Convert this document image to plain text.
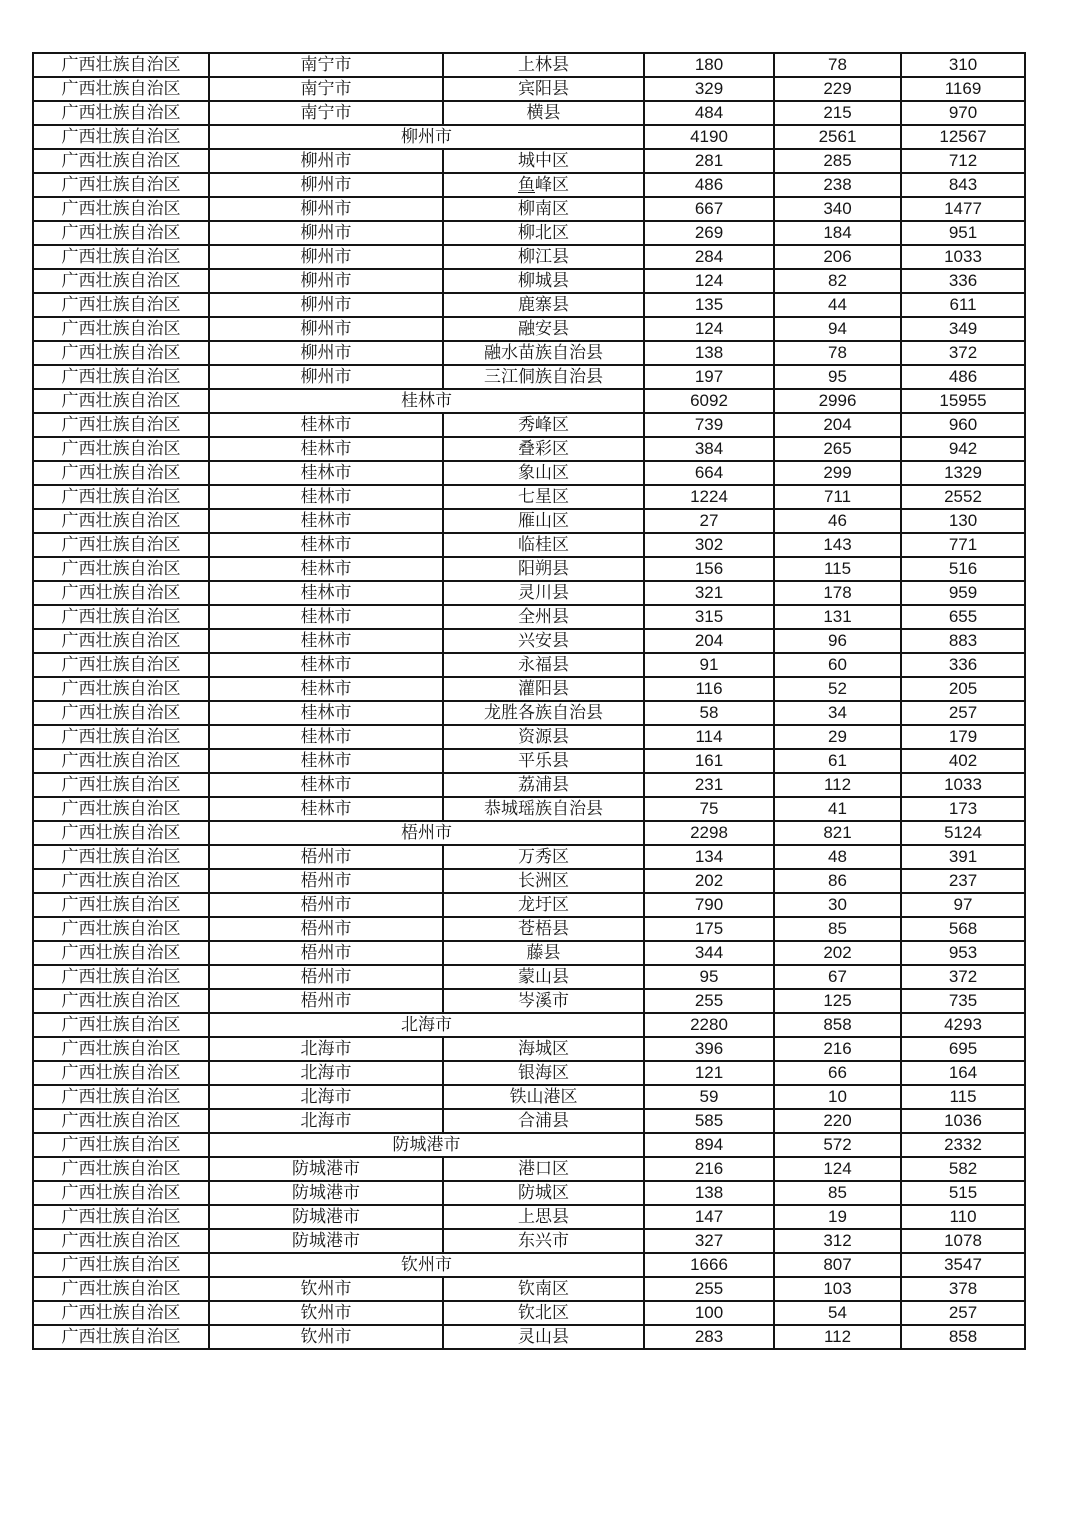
广西壮族自治区	南宁市	上林县	180	78	310
广西壮族自治区	南宁市	宾阳县	329	229	1169
广西壮族自治区	南宁市	横县	484	215	970
广西壮族自治区	柳州市		4190	2561	12567
广西壮族自治区	柳州市	城中区	281	285	712
广西壮族自治区	柳州市	鱼峰区	486	238	843
广西壮族自治区	柳州市	柳南区	667	340	1477
广西壮族自治区	柳州市	柳北区	269	184	951
广西壮族自治区	柳州市	柳江县	284	206	1033
广西壮族自治区	柳州市	柳城县	124	82	336
广西壮族自治区	柳州市	鹿寨县	135	44	611
广西壮族自治区	柳州市	融安县	124	94	349
广西壮族自治区	柳州市	融水苗族自治县	138	78	372
广西壮族自治区	柳州市	三江侗族自治县	197	95	486
广西壮族自治区	桂林市		6092	2996	15955
广西壮族自治区	桂林市	秀峰区	739	204	960
广西壮族自治区	桂林市	叠彩区	384	265	942
广西壮族自治区	桂林市	象山区	664	299	1329
广西壮族自治区	桂林市	七星区	1224	711	2552
广西壮族自治区	桂林市	雁山区	27	46	130
广西壮族自治区	桂林市	临桂区	302	143	771
广西壮族自治区	桂林市	阳朔县	156	115	516
广西壮族自治区	桂林市	灵川县	321	178	959
广西壮族自治区	桂林市	全州县	315	131	655
广西壮族自治区	桂林市	兴安县	204	96	883
广西壮族自治区	桂林市	永福县	91	60	336
广西壮族自治区	桂林市	灌阳县	116	52	205
广西壮族自治区	桂林市	龙胜各族自治县	58	34	257
广西壮族自治区	桂林市	资源县	114	29	179
广西壮族自治区	桂林市	平乐县	161	61	402
广西壮族自治区	桂林市	荔浦县	231	112	1033
广西壮族自治区	桂林市	恭城瑶族自治县	75	41	173
广西壮族自治区	梧州市		2298	821	5124
广西壮族自治区	梧州市	万秀区	134	48	391
广西壮族自治区	梧州市	长洲区	202	86	237
广西壮族自治区	梧州市	龙圩区	790	30	97
广西壮族自治区	梧州市	苍梧县	175	85	568
广西壮族自治区	梧州市	藤县	344	202	953
广西壮族自治区	梧州市	蒙山县	95	67	372
广西壮族自治区	梧州市	岑溪市	255	125	735
广西壮族自治区	北海市		2280	858	4293
广西壮族自治区	北海市	海城区	396	216	695
广西壮族自治区	北海市	银海区	121	66	164
广西壮族自治区	北海市	铁山港区	59	10	115
广西壮族自治区	北海市	合浦县	585	220	1036
广西壮族自治区	防城港市		894	572	2332
广西壮族自治区	防城港市	港口区	216	124	582
广西壮族自治区	防城港市	防城区	138	85	515
广西壮族自治区	防城港市	上思县	147	19	110
广西壮族自治区	防城港市	东兴市	327	312	1078
广西壮族自治区	钦州市		1666	807	3547
广西壮族自治区	钦州市	钦南区	255	103	378
广西壮族自治区	钦州市	钦北区	100	54	257
广西壮族自治区	钦州市	灵山县	283	112	858
